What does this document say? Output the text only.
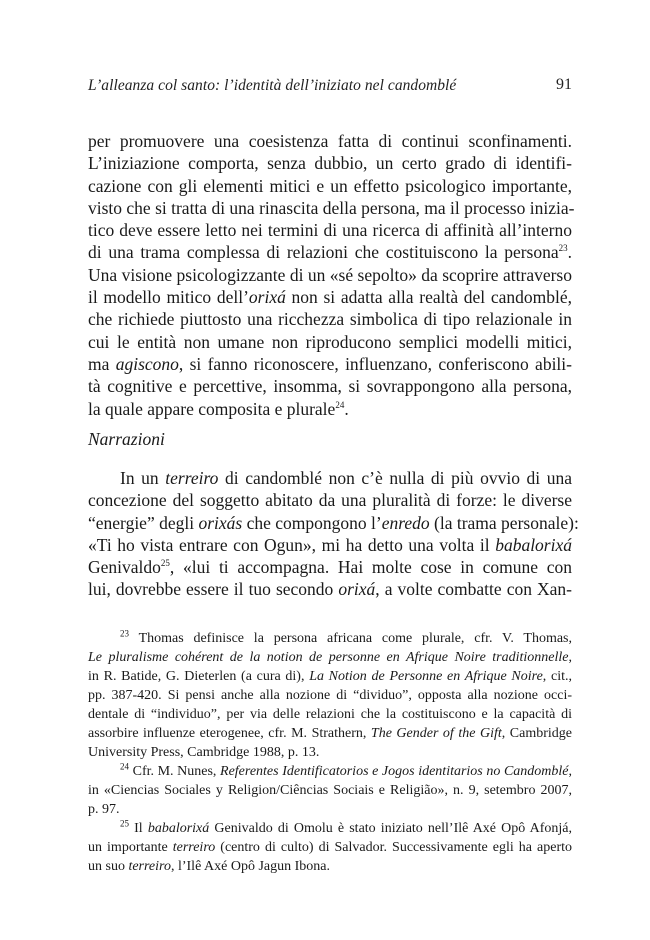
L’alleanza col santo: l’identità dell’iniziato nel candomblé	91
per promuovere una coesistenza fatta di continui sconfinamenti.
L’iniziazione comporta, senza dubbio, un certo grado di identifi-
cazione con gli elementi mitici e un effetto psicologico importante,
visto che si tratta di una rinascita della persona, ma il processo inizia-
tico deve essere letto nei termini di una ricerca di affinità all’interno
di una trama complessa di relazioni che costituiscono la persona$^{23}$.
Una visione psicologizzante di un «sé sepolto» da scoprire attraverso
il modello mitico dell’orixá non si adatta alla realtà del candomblé,
che richiede piuttosto una ricchezza simbolica di tipo relazionale in
cui le entità non umane non riproducono semplici modelli mitici,
ma agiscono, si fanno riconoscere, influenzano, conferiscono abili-
tà cognitive e percettive, insomma, si sovrappongono alla persona,
la quale appare composita e plurale$^{24}$.
Narrazioni
In un terreiro di candomblé non c’è nulla di più ovvio di una
concezione del soggetto abitato da una pluralità di forze: le diverse
“energie” degli orixás che compongono l’enredo (la trama personale):
«Ti ho vista entrare con Ogun», mi ha detto una volta il babalorixá
Genivaldo$^{25}$, «lui ti accompagna. Hai molte cose in comune con
lui, dovrebbe essere il tuo secondo orixá, a volte combatte con Xan-
$^{23}$ Thomas definisce la persona africana come plurale, cfr. V. Thomas,
Le pluralisme cohérent de la notion de personne en Afrique Noire traditionnelle,
in R. Batide, G. Dieterlen (a cura di), La Notion de Personne en Afrique Noire, cit.,
pp. 387-420. Si pensi anche alla nozione di “dividuo”, opposta alla nozione occi-
dentale di “individuo”, per via delle relazioni che la costituiscono e la capacità di
assorbire influenze eterogenee, cfr. M. Strathern, The Gender of the Gift, Cambridge
University Press, Cambridge 1988, p. 13.
$^{24}$ Cfr. M. Nunes, Referentes Identificatorios e Jogos identitarios no Candomblé,
in «Ciencias Sociales y Religion/Ciências Sociais e Religião», n. 9, setembro 2007,
p. 97.
$^{25}$ Il babalorixá Genivaldo di Omolu è stato iniziato nell’Ilê Axé Opô Afonjá,
un importante terreiro (centro di culto) di Salvador. Successivamente egli ha aperto
un suo terreiro, l’Ilê Axé Opô Jagun Ibona.
